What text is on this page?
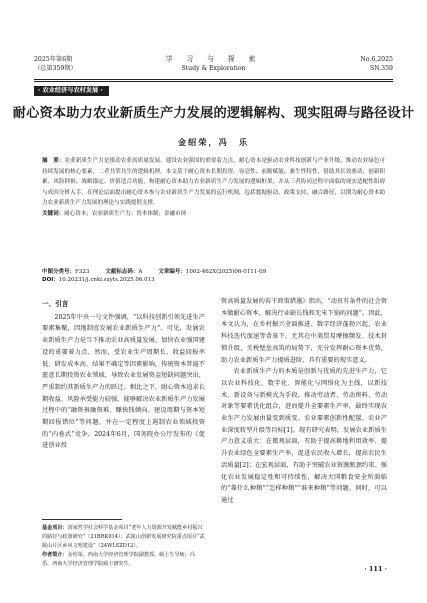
2025年第6期
（总第359期）
学 习 与 探 索
Study & Exploration
No.6,2025
SN.359
· 农业经济与农村发展 ·
耐心资本助力农业新质生产力发展的逻辑解构、现实阻碍与路径设计
金绍荣，冯　乐

摘　要：农业新质生产力是推动农业高质量发展、建设农业强国的重要着力点，耐心资本是驱动农业科技创新与产业升级、推动农业绿色可持续发展的核心要素，二者共荣共生的逻辑机理。本文基于耐心资本长期投资、容忍性、前瞻赋能、兼生性特性，借助其长效驱动、创新积累、风险抑损、战略锚定、价值适合功能，构建耐心资本助力农业新质生产力发展的逻辑框架，并从三者协同过程中面临的现实适配性阻碍与成因分析入手，在理论层面提出耐心资本参与农业新质生产力发展的运行机制，包括数据驱动、政策支持、融合路径，以期为耐心资本助力农业新质生产力发展的理论与实践提供支撑。

关键词：耐心资本；农业新质生产力；资本体制；金融市场

中图分类号：F323	文献标志码：A	文章编号：1002-462X(2025)06-0111-09
DOI：10.20231/j.cnki.sxyts.2025.06.013

一、引言

2025年中央一号文件强调，“以科技创新引领先进生产要素集聚，因地制宜发展农业新质生产力”。可见，发展农业新质生产力是当下推动农业高质量发展、加快农业强国建设的重要着力点。然而，受农业生产周期长、收益回报率低、研发成本高、结果不确定等因素影响，传统资本普遍不愿意长期投资农业领域，导致农业发展资金短缺问题突出，严重制约其新质生产力的跃迁。相比之下，耐心资本追求长期收益、风险承受能力较强，能够解决农业新质生产力发展过程中的“融资贵融资难、赚快钱倾向、建设周期与资本短期回报错位”等问题，并在一定程度上遏制农业领域投资的“内卷式”竞争。2024年6月，国务院办公厅发布的《促进创业投

资高质量发展的若干政策措施》指出，“动员有条件的社会资本做耐心资本，解决行业缺长钱和无米下锅的问题”。因此，本文认为，在乡村振兴全面推进、数字经济蓬勃兴起、农业科技迭代加速等背景下，尤其在中美贸易摩擦频发、技术封锁升级、关税壁垒高筑的局势下，充分发挥耐心资本优势，助力农业新质生产力提质进阶，具有重要的现实意义。

农业新质生产力的本质是创新与优质的先进生产力，它以农业科技化、数字化、智能化与网络化为主线，以新技术、新设备与新模式为手段，推动劳动者、劳动资料、劳动对象等要素优化组合，进而提升全要素生产率，最终实现农业生产力发展由量变到质变。农业要素创新性配置、农业产业深度转型升级等目标[1]。现有研究表明，发展农业新质生产力意义重大：在微观层面，有助于提高耕地利用效率、提升农业绿色全要素生产率，促进农民收入增长，提高农民生活质量[2]；在宏观层面，有助于突破农业资源瓶颈约束、强化农业发展稳定性和可持续性，解决大国粮食安全所面临的“靠什么种粮”“怎样种粮”“谁来种粮”等问题。同时，可以通过

基金项目：国家哲学社会科学基金项目“老年人力资源开发赋能乡村振兴的路径与政策研究”（21BRK014）；武陵山创新发展研究院重点项目“武陵山片区乡风文明建设”（24WLSZD12）。

作者简介：金绍荣，西南大学经济管理学院副教授、硕士生导师；冯乐，西南大学经济管理学院硕士研究生。

· 111 ·
